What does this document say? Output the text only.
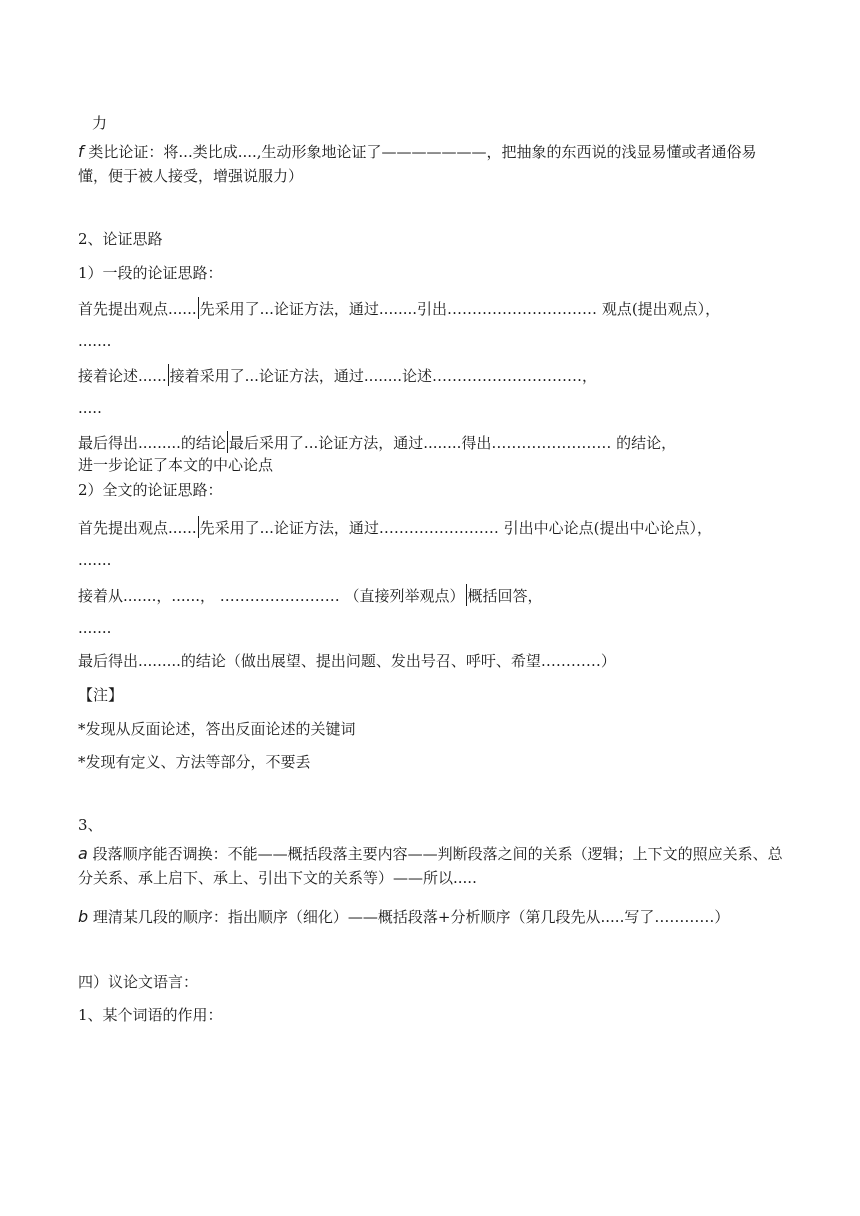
力
f 类比论证：将...类比成....,生动形象地论证了———————，把抽象的东西说的浅显易懂或者通俗易懂，便于被人接受，增强说服力）
2、论证思路
1）一段的论证思路：
首先提出观点...... 先采用了...论证方法，通过........引出………………………… 观点(提出观点），
.......
接着论述...... 接着采用了...论证方法，通过........论述…………………………，
.....
最后得出.........的结论 最后采用了...论证方法，通过........得出…………………… 的结论，
进一步论证了本文的中心论点
2）全文的论证思路：
首先提出观点...... 先采用了...论证方法，通过…………………… 引出中心论点(提出中心论点），
.......
接着从.......，......， …………………… （直接列举观点） 概括回答，
.......
最后得出.........的结论（做出展望、提出问题、发出号召、呼吁、希望…………）
【注】
*发现从反面论述，答出反面论述的关键词
*发现有定义、方法等部分，不要丢
3、
a 段落顺序能否调换：不能——概括段落主要内容——判断段落之间的关系（逻辑；上下文的照应关系、总分关系、承上启下、承上、引出下文的关系等）——所以.....
b 理清某几段的顺序：指出顺序（细化）——概括段落+分析顺序（第几段先从.....写了…………）
四）议论文语言：
1、某个词语的作用：
